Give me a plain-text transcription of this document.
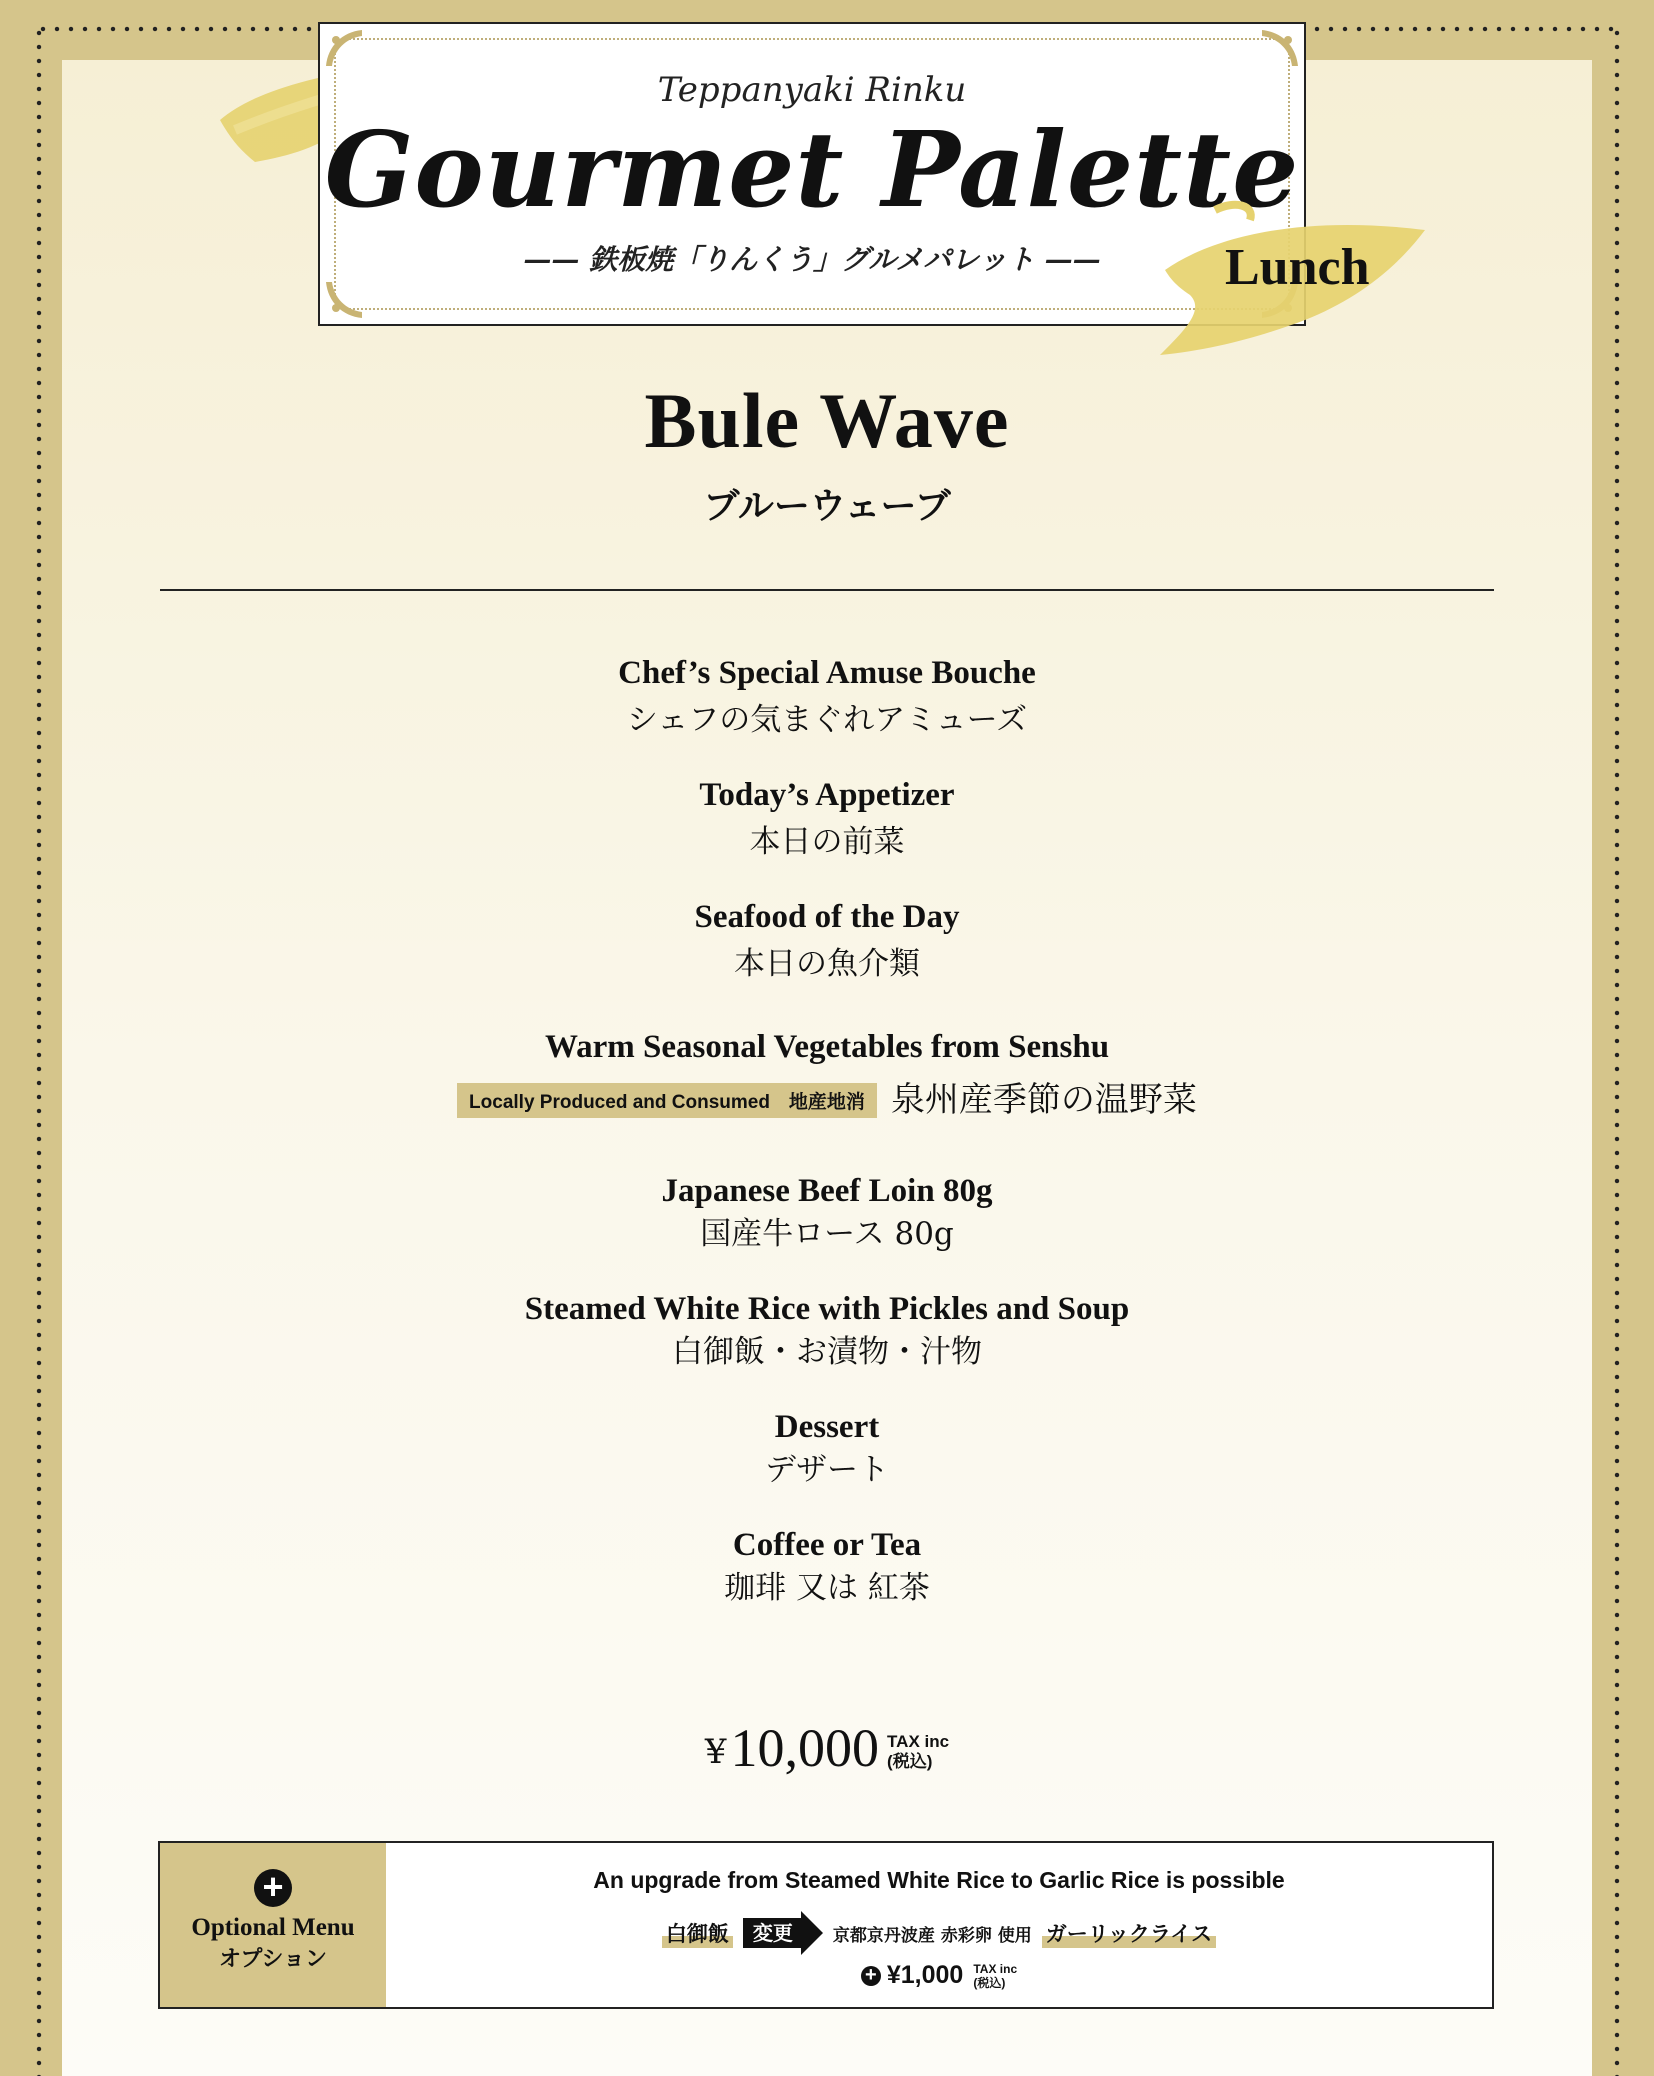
Teppanyaki Rinku
Gourmet Palette
—— 鉄板焼「りんくう」グルメパレット ——	Lunch
Bule Wave
ブルーウェーブ
Chef’s Special Amuse Bouche
シェフの気まぐれアミューズ
Today’s Appetizer
本日の前菜
Seafood of the Day
本日の魚介類
Warm Seasonal Vegetables from Senshu
Locally Produced and Consumed　地産地消 泉州産季節の温野菜
Japanese Beef Loin 80g
国産牛ロース 80g
Steamed White Rice with Pickles and Soup
白御飯・お漬物・汁物
Dessert
デザート
Coffee or Tea
珈琲 又は 紅茶
¥ 10,000 TAX inc
(税込)
+
Optional Menu
オプション
An upgrade from Steamed White Rice to Garlic Rice is possible
白御飯	変更	京都京丹波産 赤彩卵 使用 ガーリックライス
+ ¥1,000 TAX inc
(税込)
